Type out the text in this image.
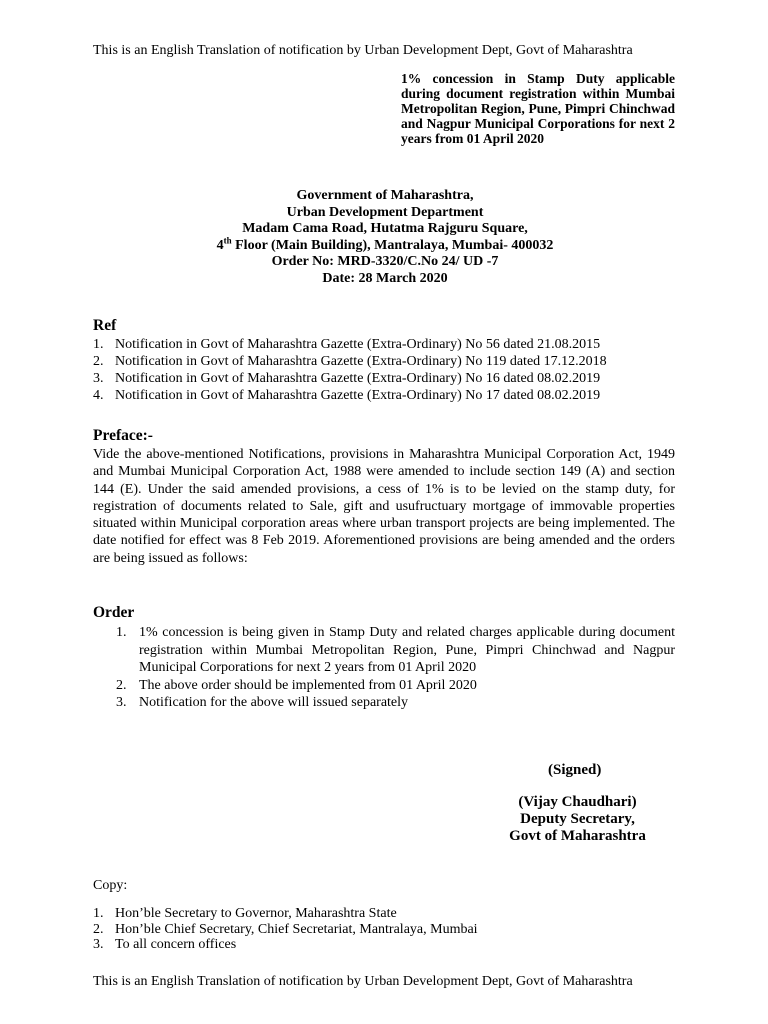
This is an English Translation of notification by Urban Development Dept, Govt of Maharashtra

1% concession in Stamp Duty applicable during document registration within Mumbai Metropolitan Region, Pune, Pimpri Chinchwad and Nagpur Municipal Corporations for next 2 years from 01 April 2020

Government of Maharashtra,
Urban Development Department
Madam Cama Road, Hutatma Rajguru Square,
4th Floor (Main Building), Mantralaya, Mumbai- 400032
Order No: MRD-3320/C.No 24/ UD -7
Date: 28 March 2020

Ref

1. Notification in Govt of Maharashtra Gazette (Extra-Ordinary) No 56 dated 21.08.2015
2. Notification in Govt of Maharashtra Gazette (Extra-Ordinary) No 119 dated 17.12.2018
3. Notification in Govt of Maharashtra Gazette (Extra-Ordinary) No 16 dated 08.02.2019
4. Notification in Govt of Maharashtra Gazette (Extra-Ordinary) No 17 dated 08.02.2019

Preface:-

Vide the above-mentioned Notifications, provisions in Maharashtra Municipal Corporation Act, 1949 and Mumbai Municipal Corporation Act, 1988 were amended to include section 149 (A) and section 144 (E). Under the said amended provisions, a cess of 1% is to be levied on the stamp duty, for registration of documents related to Sale, gift and usufructuary mortgage of immovable properties situated within Municipal corporation areas where urban transport projects are being implemented. The date notified for effect was 8 Feb 2019. Aforementioned provisions are being amended and the orders are being issued as follows:

Order

1. 1% concession is being given in Stamp Duty and related charges applicable during document registration within Mumbai Metropolitan Region, Pune, Pimpri Chinchwad and Nagpur Municipal Corporations for next 2 years from 01 April 2020
2. The above order should be implemented from 01 April 2020
3. Notification for the above will issued separately

(Signed)

(Vijay Chaudhari)
Deputy Secretary,
Govt of Maharashtra

Copy:

1. Hon’ble Secretary to Governor, Maharashtra State
2. Hon’ble Chief Secretary, Chief Secretariat, Mantralaya, Mumbai
3. To all concern offices

This is an English Translation of notification by Urban Development Dept, Govt of Maharashtra
